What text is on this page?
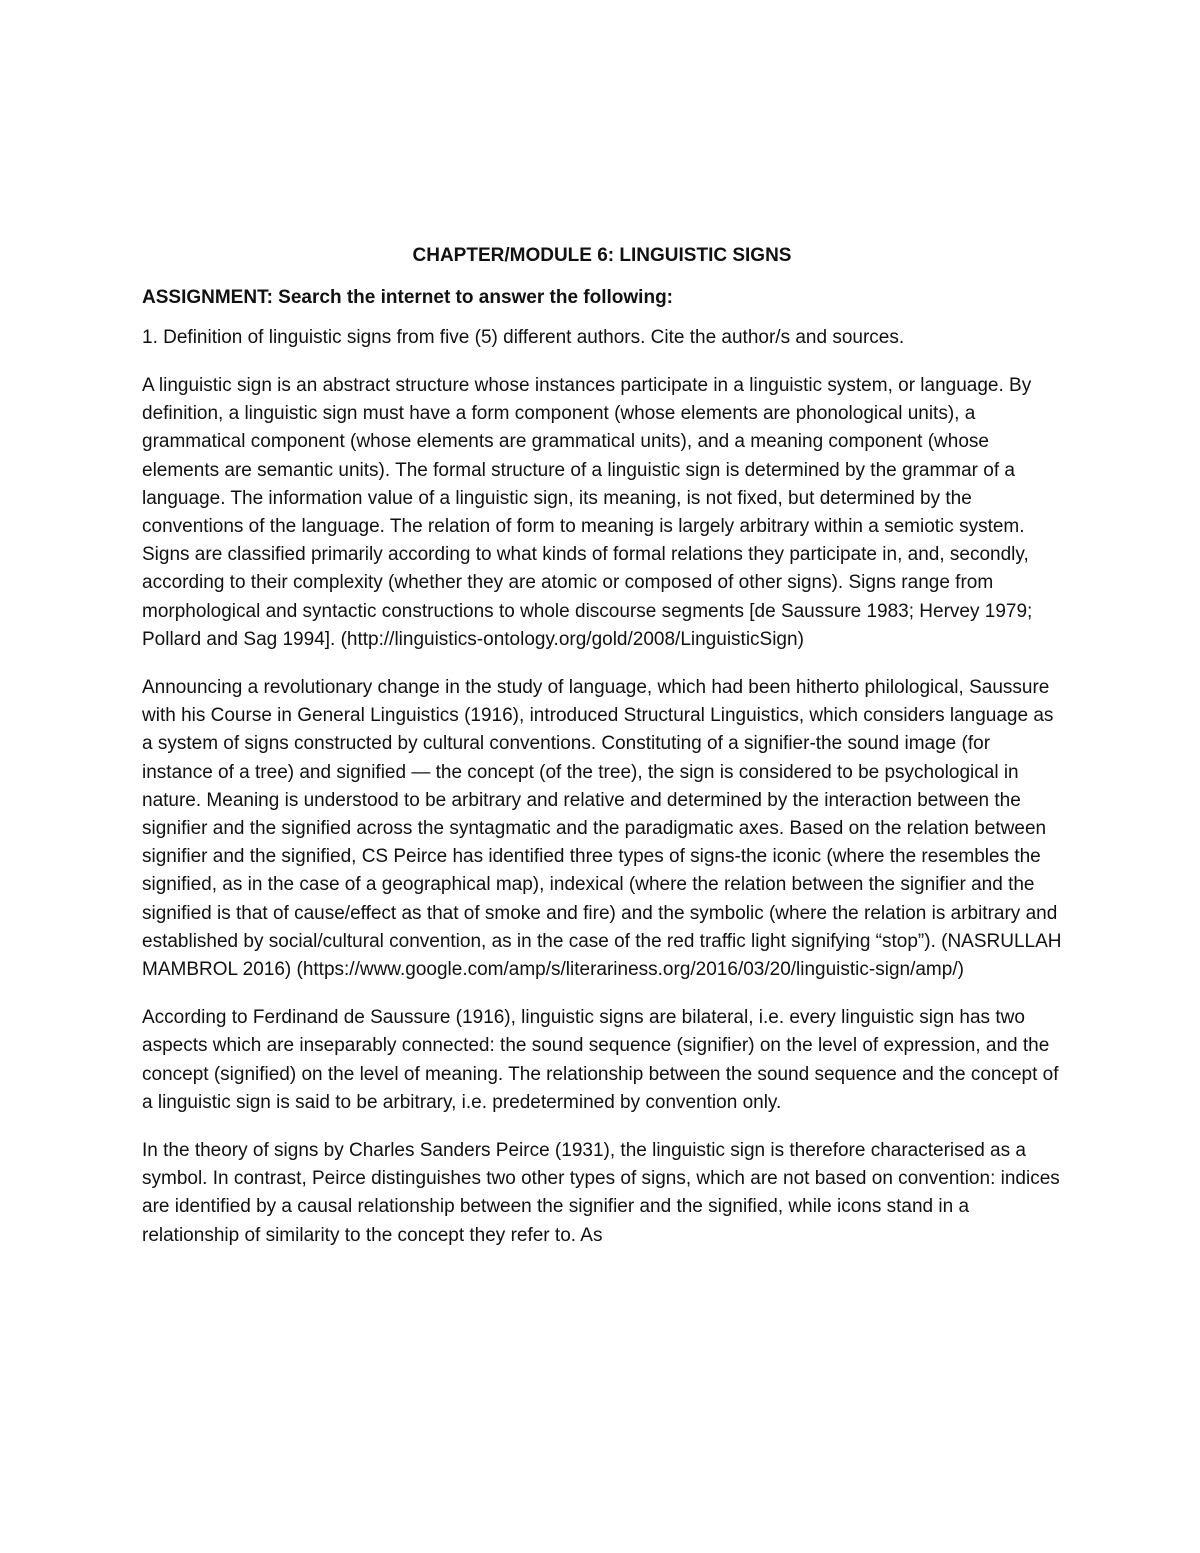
CHAPTER/MODULE 6: LINGUISTIC SIGNS
ASSIGNMENT: Search the internet to answer the following:

1. Definition of linguistic signs from five (5) different authors. Cite the author/s and sources.

A linguistic sign is an abstract structure whose instances participate in a linguistic system, or language. By definition, a linguistic sign must have a form component (whose elements are phonological units), a grammatical component (whose elements are grammatical units), and a meaning component (whose elements are semantic units). The formal structure of a linguistic sign is determined by the grammar of a language. The information value of a linguistic sign, its meaning, is not fixed, but determined by the conventions of the language. The relation of form to meaning is largely arbitrary within a semiotic system. Signs are classified primarily according to what kinds of formal relations they participate in, and, secondly, according to their complexity (whether they are atomic or composed of other signs). Signs range from morphological and syntactic constructions to whole discourse segments [de Saussure 1983; Hervey 1979; Pollard and Sag 1994]. (http://linguistics-ontology.org/gold/2008/LinguisticSign)

Announcing a revolutionary change in the study of language, which had been hitherto philological, Saussure with his Course in General Linguistics (1916), introduced Structural Linguistics, which considers language as a system of signs constructed by cultural conventions. Constituting of a signifier-the sound image (for instance of a tree) and signified — the concept (of the tree), the sign is considered to be psychological in nature. Meaning is understood to be arbitrary and relative and determined by the interaction between the signifier and the signified across the syntagmatic and the paradigmatic axes. Based on the relation between signifier and the signified, CS Peirce has identified three types of signs-the iconic (where the resembles the signified, as in the case of a geographical map), indexical (where the relation between the signifier and the signified is that of cause/effect as that of smoke and fire) and the symbolic (where the relation is arbitrary and established by social/cultural convention, as in the case of the red traffic light signifying “stop”). (NASRULLAH MAMBROL 2016) (https://www.google.com/amp/s/literariness.org/2016/03/20/linguistic-sign/amp/)

According to Ferdinand de Saussure (1916), linguistic signs are bilateral, i.e. every linguistic sign has two aspects which are inseparably connected: the sound sequence (signifier) on the level of expression, and the concept (signified) on the level of meaning. The relationship between the sound sequence and the concept of a linguistic sign is said to be arbitrary, i.e. predetermined by convention only.

In the theory of signs by Charles Sanders Peirce (1931), the linguistic sign is therefore characterised as a symbol. In contrast, Peirce distinguishes two other types of signs, which are not based on convention: indices are identified by a causal relationship between the signifier and the signified, while icons stand in a relationship of similarity to the concept they refer to. As
